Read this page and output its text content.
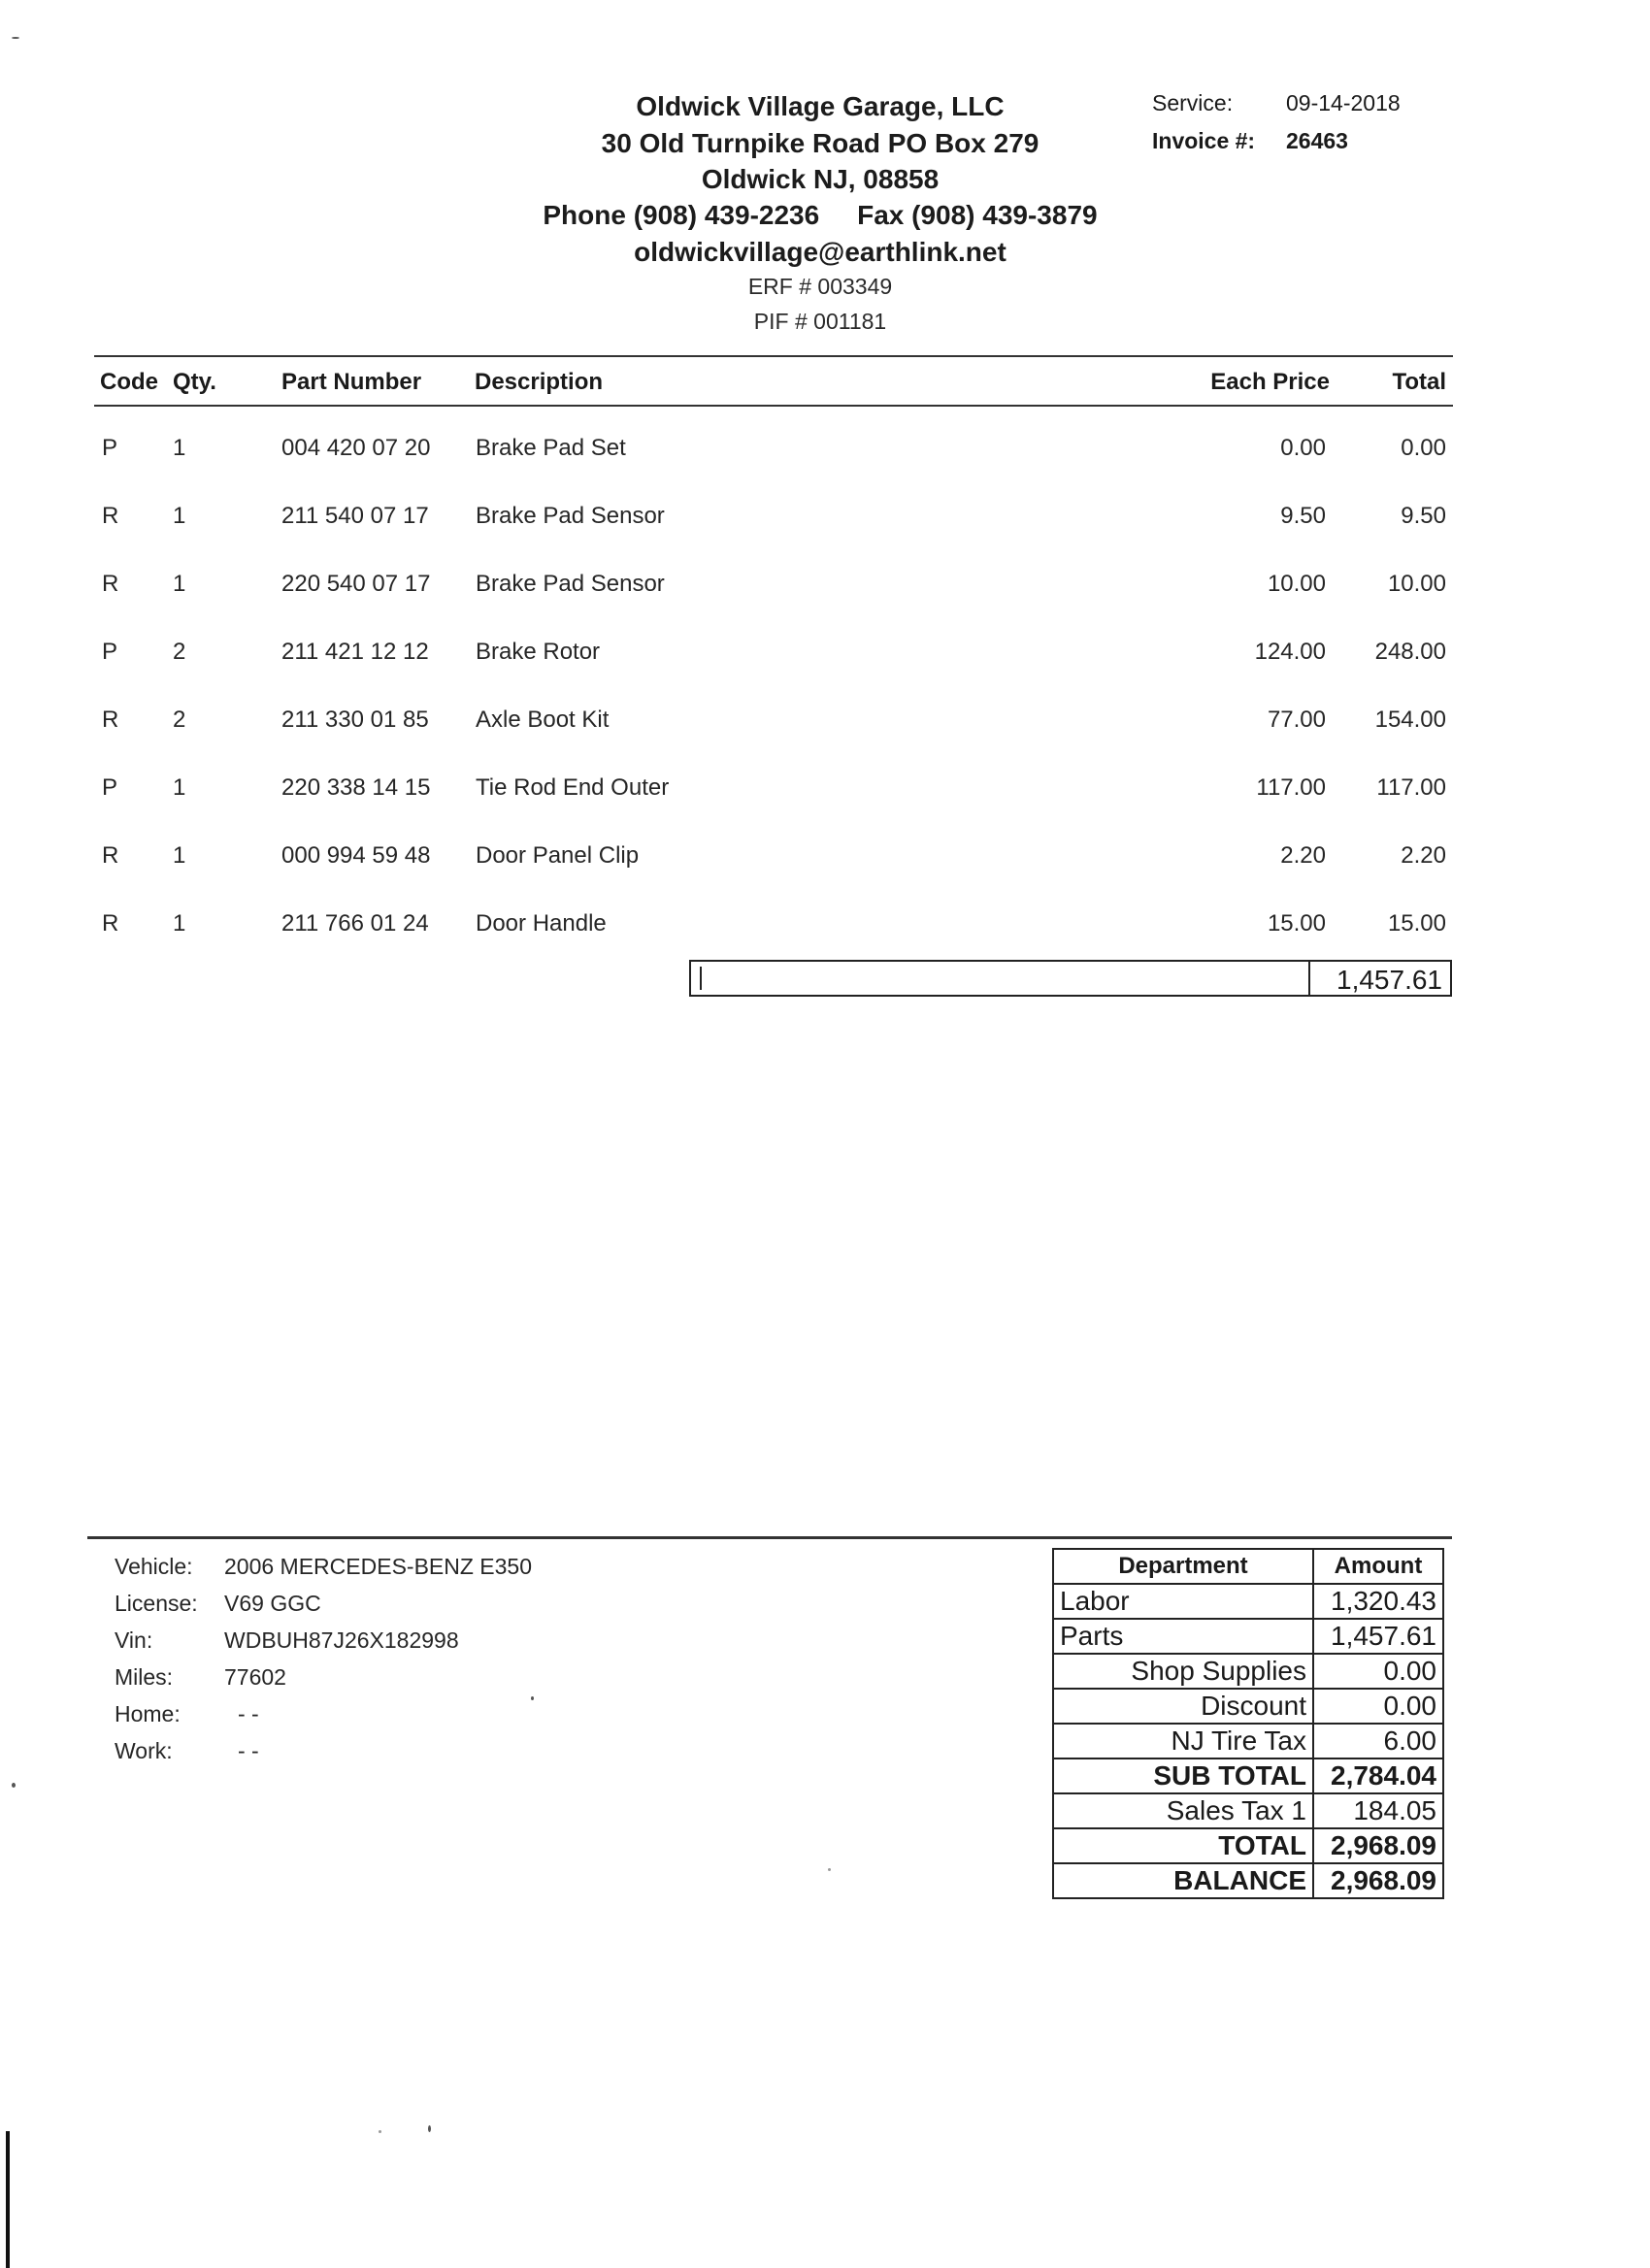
Oldwick Village Garage, LLC
30 Old Turnpike Road PO Box 279
Oldwick NJ, 08858
Phone (908) 439-2236 Fax (908) 439-3879
oldwickvillage@earthlink.net
ERF # 003349
PIF # 001181
Service: 09-14-2018
Invoice #: 26463
Code Qty.	Part Number Description	Each Price	Total
P 1	004 420 07 20 Brake Pad Set	0.00	0.00
R 1	211 540 07 17 Brake Pad Sensor	9.50	9.50
R 1	220 540 07 17 Brake Pad Sensor	10.00	10.00
P 2	211 421 12 12 Brake Rotor	124.00	248.00
R 2	211 330 01 85 Axle Boot Kit	77.00	154.00
P 1	220 338 14 15 Tie Rod End Outer	117.00	117.00
R 1	000 994 59 48 Door Panel Clip	2.20	2.20
R 1	211 766 01 24 Door Handle	15.00	15.00
1,457.61
Vehicle: 2006 MERCEDES-BENZ E350
License: V69 GGC
Vin:	WDBUH87J26X182998
Miles: 77602
Home:	- -
Work:	- -
Department	Amount
Labor	1,320.43
Parts	1,457.61
Shop Supplies	0.00
Discount	0.00
NJ Tire Tax	6.00
SUB TOTAL	2,784.04
Sales Tax 1	184.05
TOTAL	2,968.09
BALANCE	2,968.09
